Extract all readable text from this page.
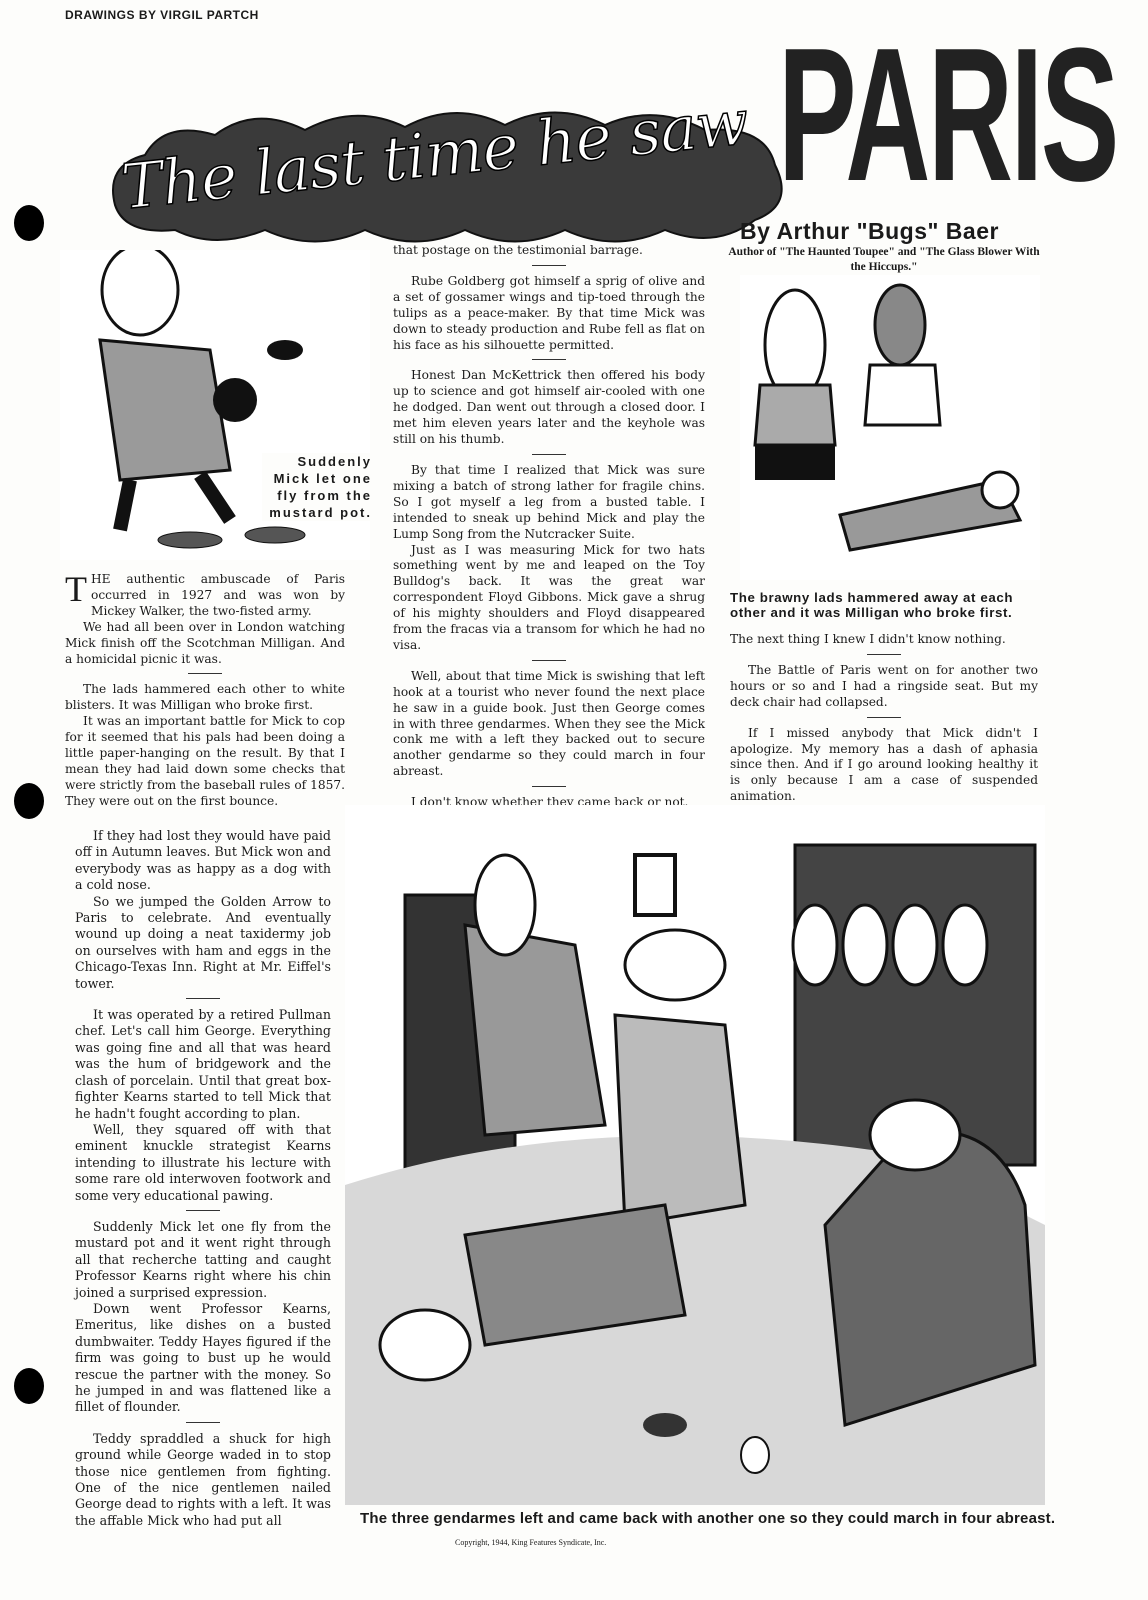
DRAWINGS BY VIRGIL PARTCH
The last time he saw PARIS
By Arthur "Bugs" Baer
Author of "The Haunted Toupee" and "The Glass Blower With the Hiccups."
Suddenly Mick let one fly from the mustard pot.
The brawny lads hammered away at each other and it was Milligan who broke first.

THE authentic ambuscade of Paris occurred in 1927 and was won by Mickey Walker, the two-fisted army.

We had all been over in London watching Mick finish off the Scotchman Milligan. And a homicidal picnic it was.

The lads hammered each other to white blisters. It was Milligan who broke first.

It was an important battle for Mick to cop for it seemed that his pals had been doing a little paper-hanging on the result. By that I mean they had laid down some checks that were strictly from the baseball rules of 1857. They were out on the first bounce.

If they had lost they would have paid off in Autumn leaves. But Mick won and everybody was as happy as a dog with a cold nose.

So we jumped the Golden Arrow to Paris to celebrate. And eventually wound up doing a neat taxidermy job on ourselves with ham and eggs in the Chicago-Texas Inn. Right at Mr. Eiffel's tower.

It was operated by a retired Pullman chef. Let's call him George. Everything was going fine and all that was heard was the hum of bridgework and the clash of porcelain. Until that great box-fighter Kearns started to tell Mick that he hadn't fought according to plan.

Well, they squared off with that eminent knuckle strategist Kearns intending to illustrate his lecture with some rare old interwoven footwork and some very educational pawing.

Suddenly Mick let one fly from the mustard pot and it went right through all that recherche tatting and caught Professor Kearns right where his chin joined a surprised expression.

Down went Professor Kearns, Emeritus, like dishes on a busted dumbwaiter. Teddy Hayes figured if the firm was going to bust up he would rescue the partner with the money. So he jumped in and was flattened like a fillet of flounder.

Teddy spraddled a shuck for high ground while George waded in to stop those nice gentlemen from fighting. One of the nice gentlemen nailed George dead to rights with a left. It was the affable Mick who had put all

that postage on the testimonial barrage.

Rube Goldberg got himself a sprig of olive and a set of gossamer wings and tip-toed through the tulips as a peace-maker. By that time Mick was down to steady production and Rube fell as flat on his face as his silhouette permitted.

Honest Dan McKettrick then offered his body up to science and got himself air-cooled with one he dodged. Dan went out through a closed door. I met him eleven years later and the keyhole was still on his thumb.

By that time I realized that Mick was sure mixing a batch of strong lather for fragile chins. So I got myself a leg from a busted table. I intended to sneak up behind Mick and play the Lump Song from the Nutcracker Suite.

Just as I was measuring Mick for two hats something went by me and leaped on the Toy Bulldog's back. It was the great war correspondent Floyd Gibbons. Mick gave a shrug of his mighty shoulders and Floyd disappeared from the fracas via a transom for which he had no visa.

Well, about that time Mick is swishing that left hook at a tourist who never found the next place he saw in a guide book. Just then George comes in with three gendarmes. When they see the Mick conk me with a left they backed out to secure another gendarme so they could march in four abreast.

I don't know whether they came back or not.

The next thing I knew I didn't know nothing.

The Battle of Paris went on for another two hours or so and I had a ringside seat. But my deck chair had collapsed.

If I missed anybody that Mick didn't I apologize. My memory has a dash of aphasia since then. And if I go around looking healthy it is only because I am a case of suspended animation.

The three gendarmes left and came back with another one so they could march in four abreast.
Copyright, 1944, King Features Syndicate, Inc.
